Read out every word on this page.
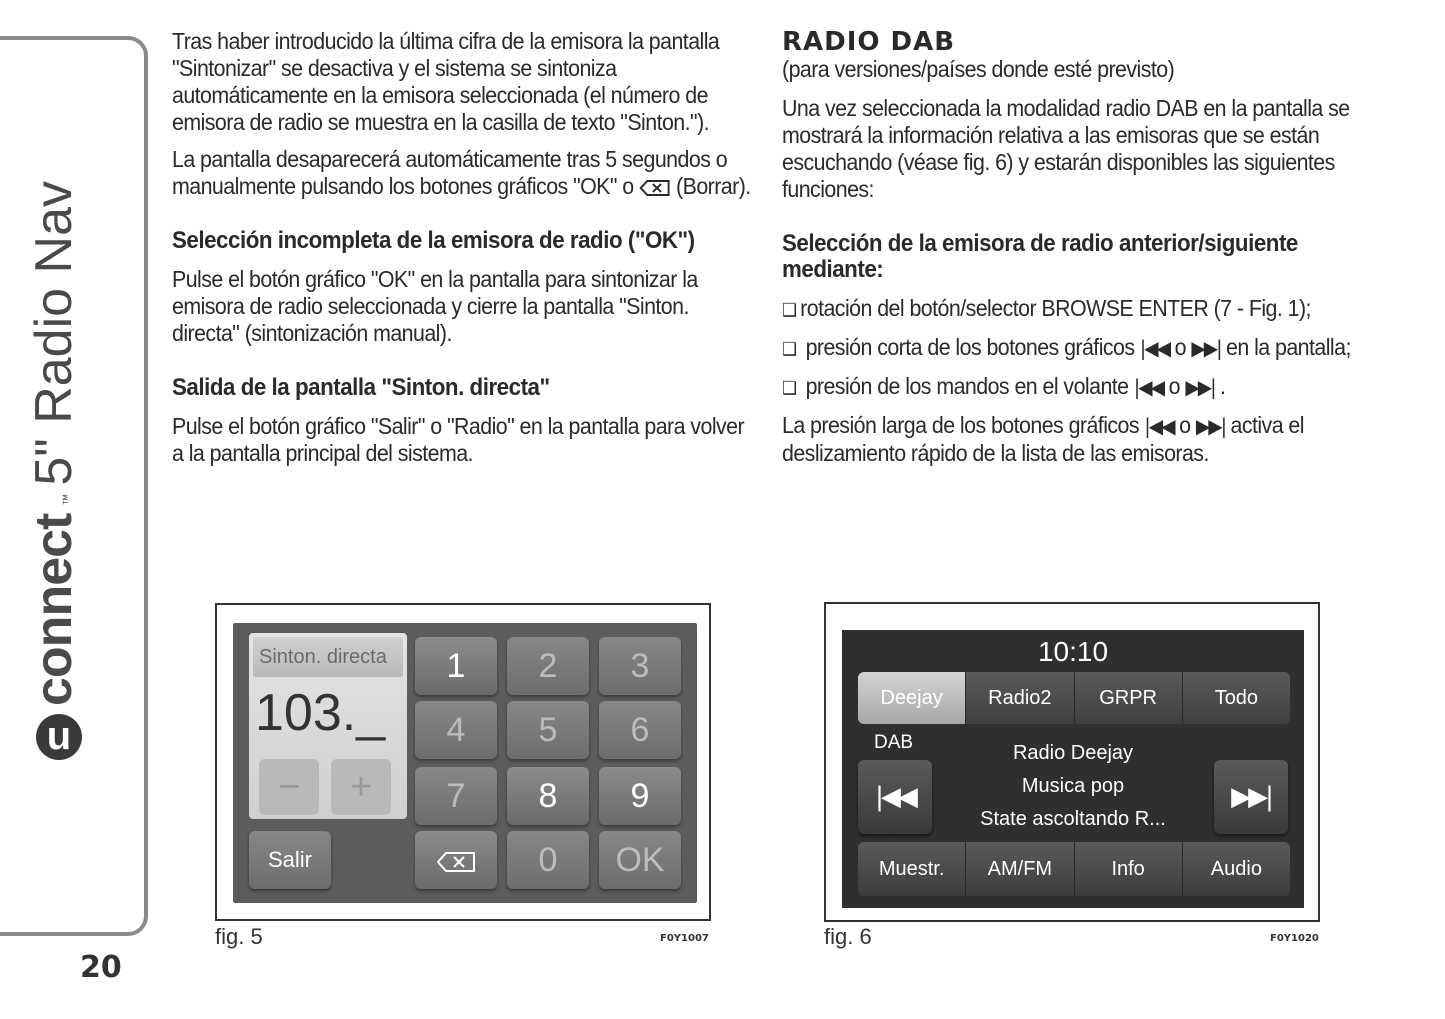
u
connect
™
5" Radio Nav
20

Tras haber introducido la última cifra de la emisora la pantalla "Sintonizar" se desactiva y el sistema se sintoniza automáticamente en la emisora seleccionada (el número de emisora de radio se muestra en la casilla de texto "Sinton.").

La pantalla desaparecerá automáticamente tras 5 segundos o manualmente pulsando los botones gráficos "OK" o (Borrar).

Selección incompleta de la emisora de radio ("OK")

Pulse el botón gráfico "OK" en la pantalla para sintonizar la emisora de radio seleccionada y cierre la pantalla "Sinton. directa" (sintonización manual).

Salida de la pantalla "Sinton. directa"

Pulse el botón gráfico "Salir" o "Radio" en la pantalla para volver a la pantalla principal del sistema.

RADIO DAB

(para versiones/países donde esté previsto)

Una vez seleccionada la modalidad radio DAB en la pantalla se mostrará la información relativa a las emisoras que se están escuchando (véase fig. 6) y estarán disponibles las siguientes funciones:

Selección de la emisora de radio anterior/siguiente mediante:

❑ rotación del botón/selector BROWSE ENTER (7 - Fig. 1);

❑ presión corta de los botones gráficos |◀◀ o ▶▶| en la pantalla;

❑ presión de los mandos en el volante |◀◀ o ▶▶| .

La presión larga de los botones gráficos |◀◀ o ▶▶| activa el deslizamiento rápido de la lista de las emisoras.

Sinton. directa
103._
−	+
1	2	3
4	5	6
7	8	9
Salir	0	OK
fig. 5	F0Y1007
10:10
Deejay	Radio2	GRPR	Todo
DAB	Radio Deejay
Musica pop
State ascoltando R...
|◀◀	▶▶|
Muestr.	AM/FM	Info	Audio
fig. 6	F0Y1020
